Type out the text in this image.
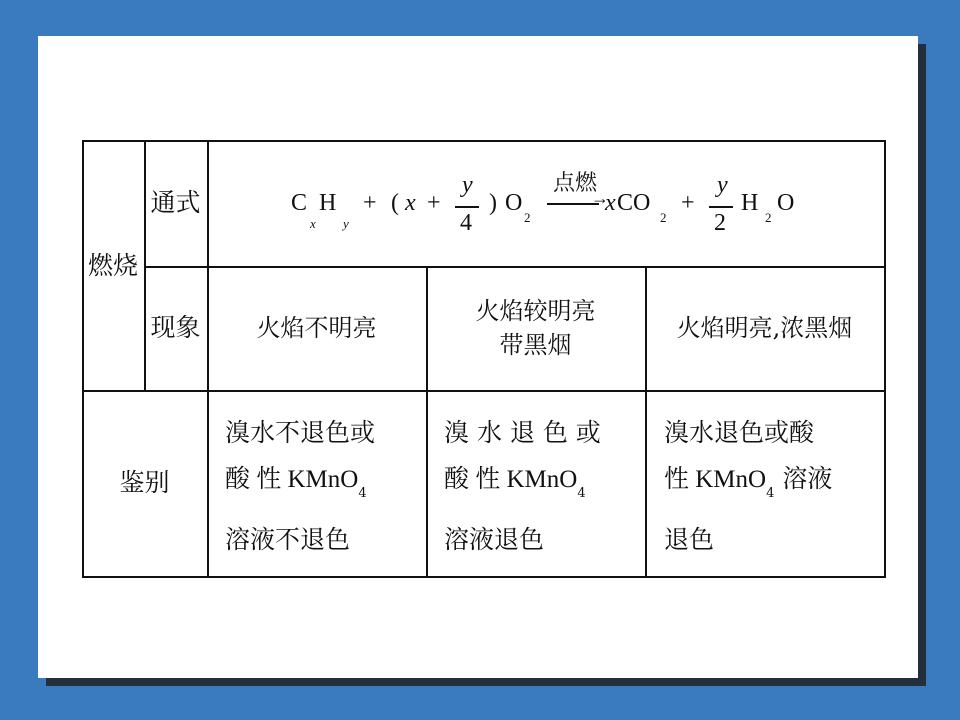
燃烧
通式
现象
鉴别
C
x
H
y
+ ( x +
y
4
) O
2
点燃
→
x CO
2
+
y
2
H
2
O
火焰不明亮
火焰较明亮
带黑烟
火焰明亮,浓黑烟
溴水不退色或
酸 性 KMnO$_4$
溶液不退色
溴 水 退 色 或
酸 性 KMnO$_4$
溶液退色
溴水退色或酸
性 KMnO$_4$ 溶液
退色
